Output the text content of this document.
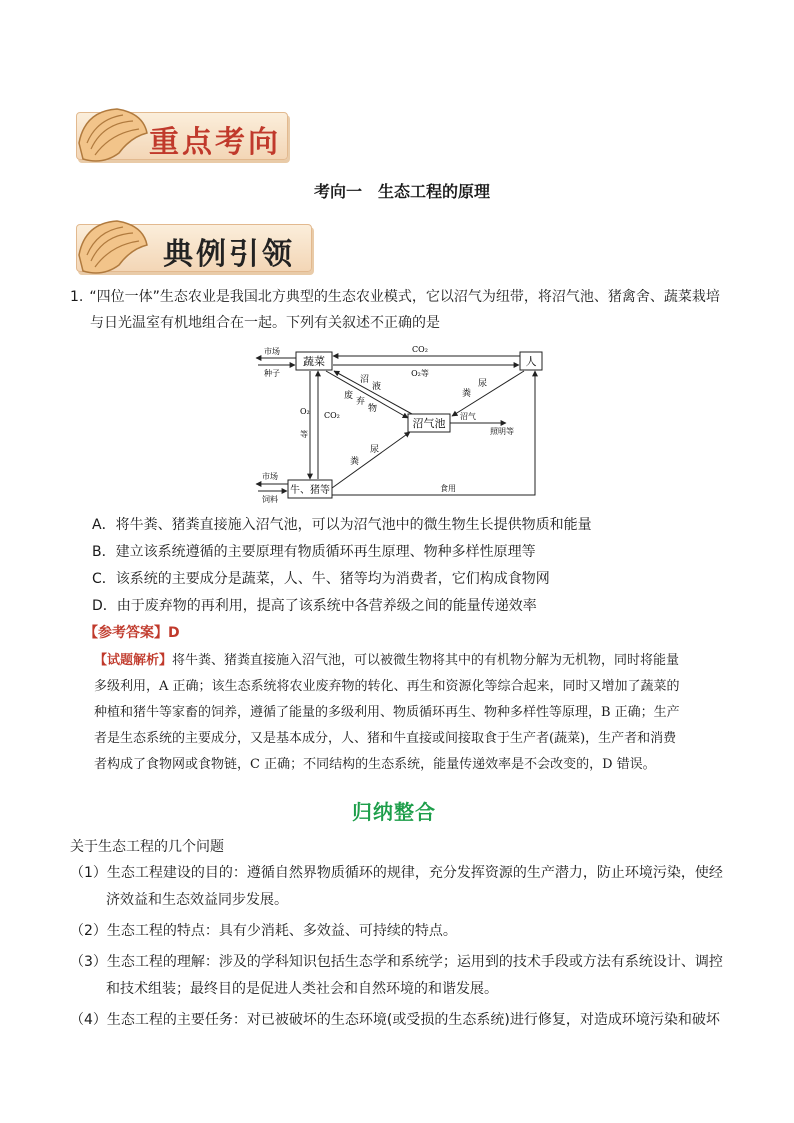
重点考向
考向一　生态工程的原理
典例引领
1. “四位一体”生态农业是我国北方典型的生态农业模式，它以沼气为纽带，将沼气池、猪禽舍、蔬菜栽培
与日光温室有机地组合在一起。下列有关叙述不正确的是
蔬菜	人
沼气池
牛、猪等
市场
种子
CO₂
O₂等
沼
液
废
弃
物
粪
尿
O₂
等
CO₂	沼气
照明等
粪
尿
市场
饲料
食用
A．将牛粪、猪粪直接施入沼气池，可以为沼气池中的微生物生长提供物质和能量
B．建立该系统遵循的主要原理有物质循环再生原理、物种多样性原理等
C．该系统的主要成分是蔬菜，人、牛、猪等均为消费者，它们构成食物网
D．由于废弃物的再利用，提高了该系统中各营养级之间的能量传递效率
【参考答案】D
【试题解析】将牛粪、猪粪直接施入沼气池，可以被微生物将其中的有机物分解为无机物，同时将能量
多级利用，A 正确；该生态系统将农业废弃物的转化、再生和资源化等综合起来，同时又增加了蔬菜的
种植和猪牛等家畜的饲养，遵循了能量的多级利用、物质循环再生、物种多样性等原理，B 正确；生产
者是生态系统的主要成分，又是基本成分，人、猪和牛直接或间接取食于生产者(蔬菜)，生产者和消费
者构成了食物网或食物链，C 正确；不同结构的生态系统，能量传递效率是不会改变的，D 错误。
归纳整合
关于生态工程的几个问题
（1）生态工程建设的目的：遵循自然界物质循环的规律，充分发挥资源的生产潜力，防止环境污染，使经
济效益和生态效益同步发展。
（2）生态工程的特点：具有少消耗、多效益、可持续的特点。
（3）生态工程的理解：涉及的学科知识包括生态学和系统学；运用到的技术手段或方法有系统设计、调控
和技术组装；最终目的是促进人类社会和自然环境的和谐发展。
（4）生态工程的主要任务：对已被破坏的生态环境(或受损的生态系统)进行修复，对造成环境污染和破坏
